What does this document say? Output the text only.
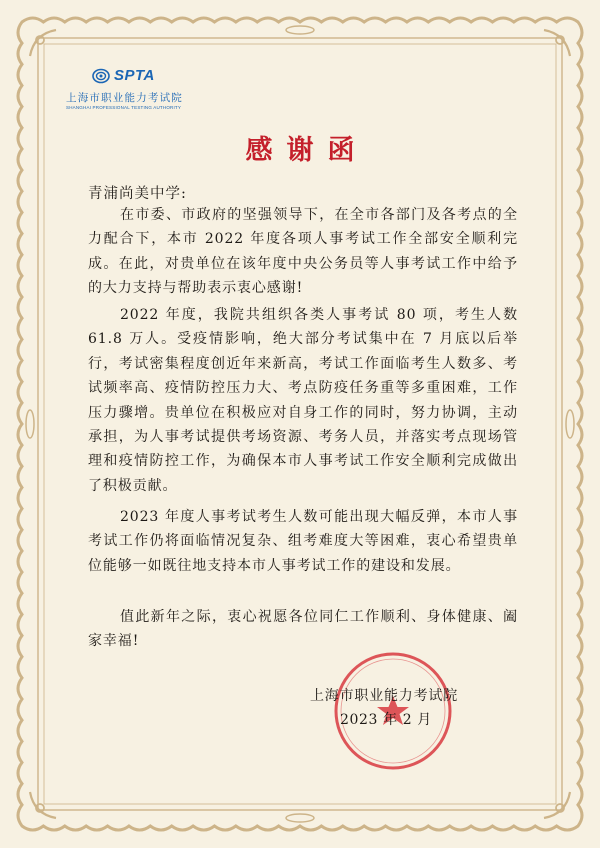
SPTA
上海市职业能力考试院
SHANGHAI PROFESSIONAL TESTING AUTHORITY
感谢函
青浦尚美中学:

在市委、市政府的坚强领导下，在全市各部门及各考点的全力配合下，本市 2022 年度各项人事考试工作全部安全顺利完成。在此，对贵单位在该年度中央公务员等人事考试工作中给予的大力支持与帮助表示衷心感谢!

2022 年度，我院共组织各类人事考试 80 项，考生人数 61.8 万人。受疫情影响，绝大部分考试集中在 7 月底以后举行，考试密集程度创近年来新高，考试工作面临考生人数多、考试频率高、疫情防控压力大、考点防疫任务重等多重困难，工作压力骤增。贵单位在积极应对自身工作的同时，努力协调，主动承担，为人事考试提供考场资源、考务人员，并落实考点现场管理和疫情防控工作，为确保本市人事考试工作安全顺利完成做出了积极贡献。

2023 年度人事考试考生人数可能出现大幅反弹，本市人事考试工作仍将面临情况复杂、组考难度大等困难，衷心希望贵单位能够一如既往地支持本市人事考试工作的建设和发展。

值此新年之际，衷心祝愿各位同仁工作顺利、身体健康、阖家幸福!

上海市职业能力考试院
2023 年 2 月
